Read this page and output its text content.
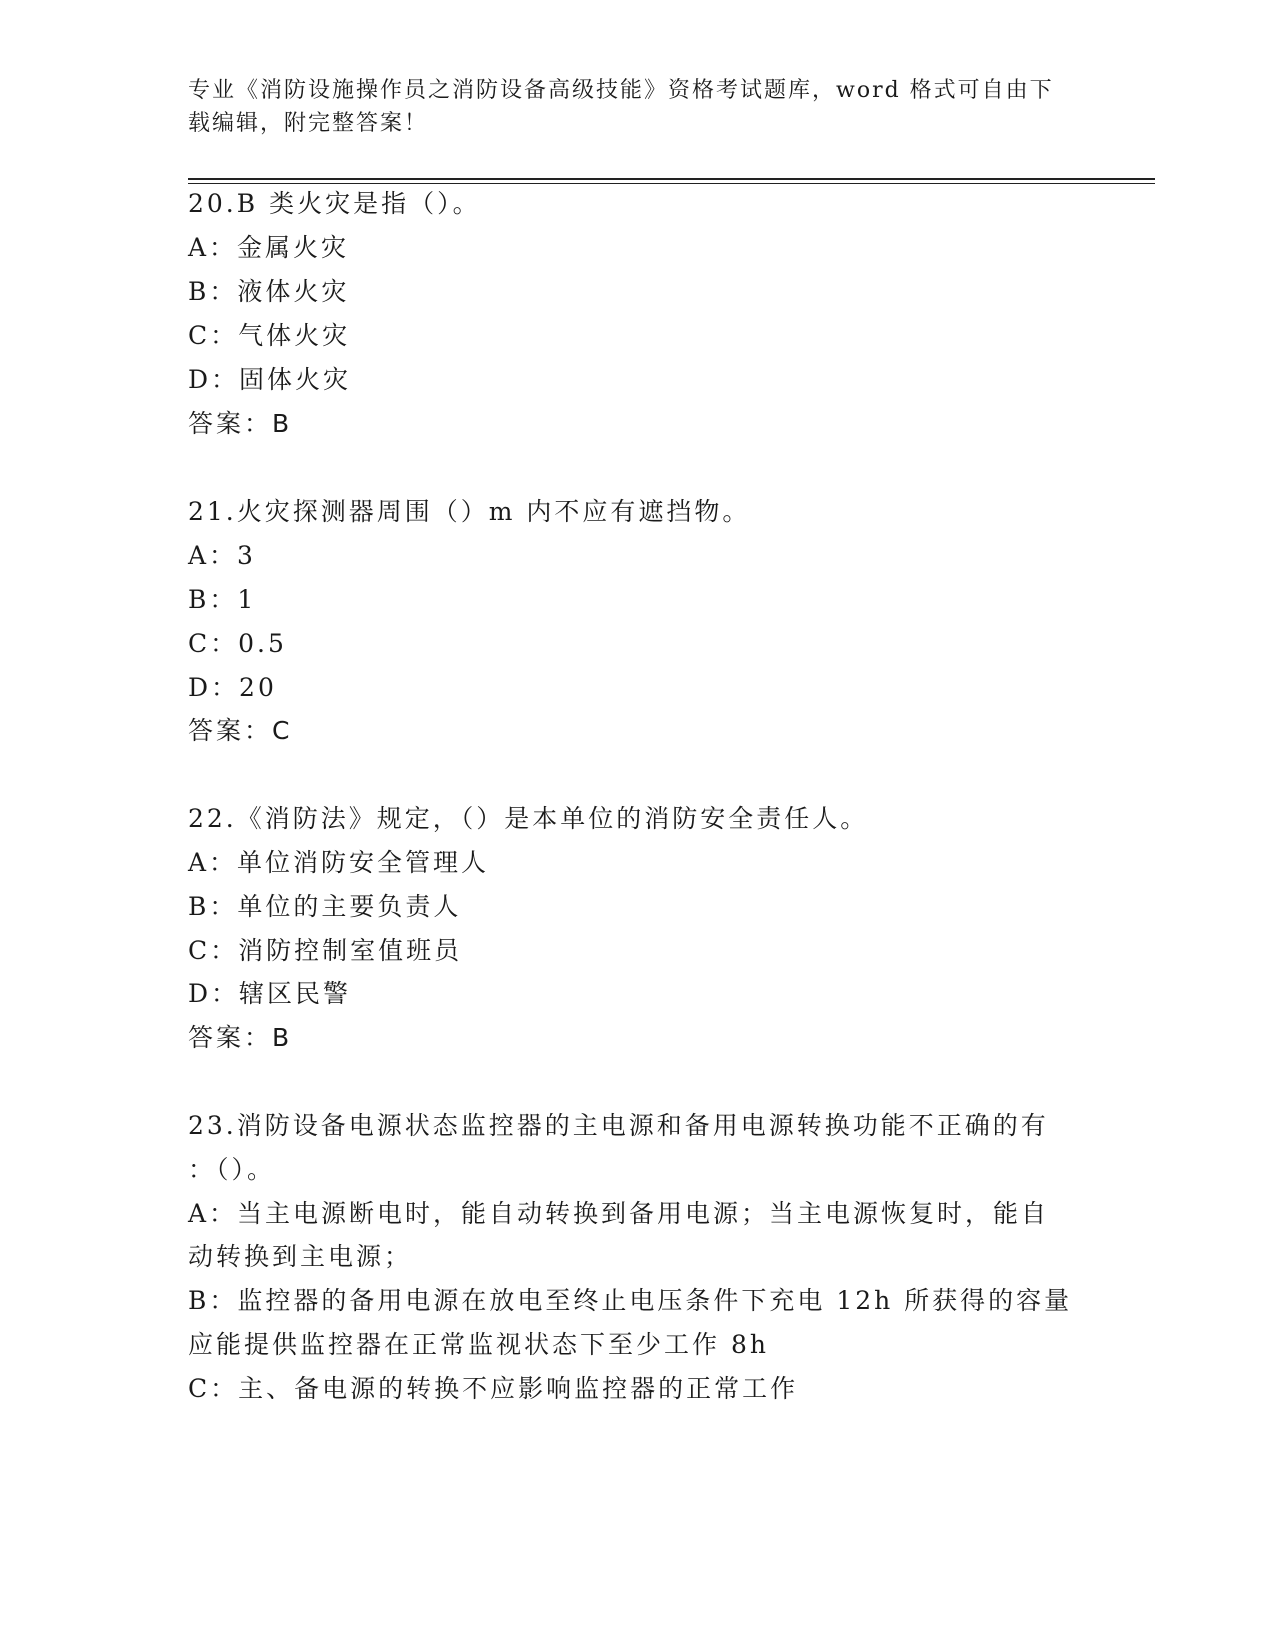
专业《消防设施操作员之消防设备高级技能》资格考试题库，word 格式可自由下
载编辑，附完整答案！
20.B 类火灾是指（）。
A：金属火灾
B：液体火灾
C：气体火灾
D：固体火灾
答案：B
21.火灾探测器周围（）m 内不应有遮挡物。
A：3
B：1
C：0.5
D：20
答案：C
22.《消防法》规定，（）是本单位的消防安全责任人。
A：单位消防安全管理人
B：单位的主要负责人
C：消防控制室值班员
D：辖区民警
答案：B
23.消防设备电源状态监控器的主电源和备用电源转换功能不正确的有
：（）。
A：当主电源断电时，能自动转换到备用电源；当主电源恢复时，能自
动转换到主电源；
B：监控器的备用电源在放电至终止电压条件下充电 12h 所获得的容量
应能提供监控器在正常监视状态下至少工作 8h
C：主、备电源的转换不应影响监控器的正常工作
